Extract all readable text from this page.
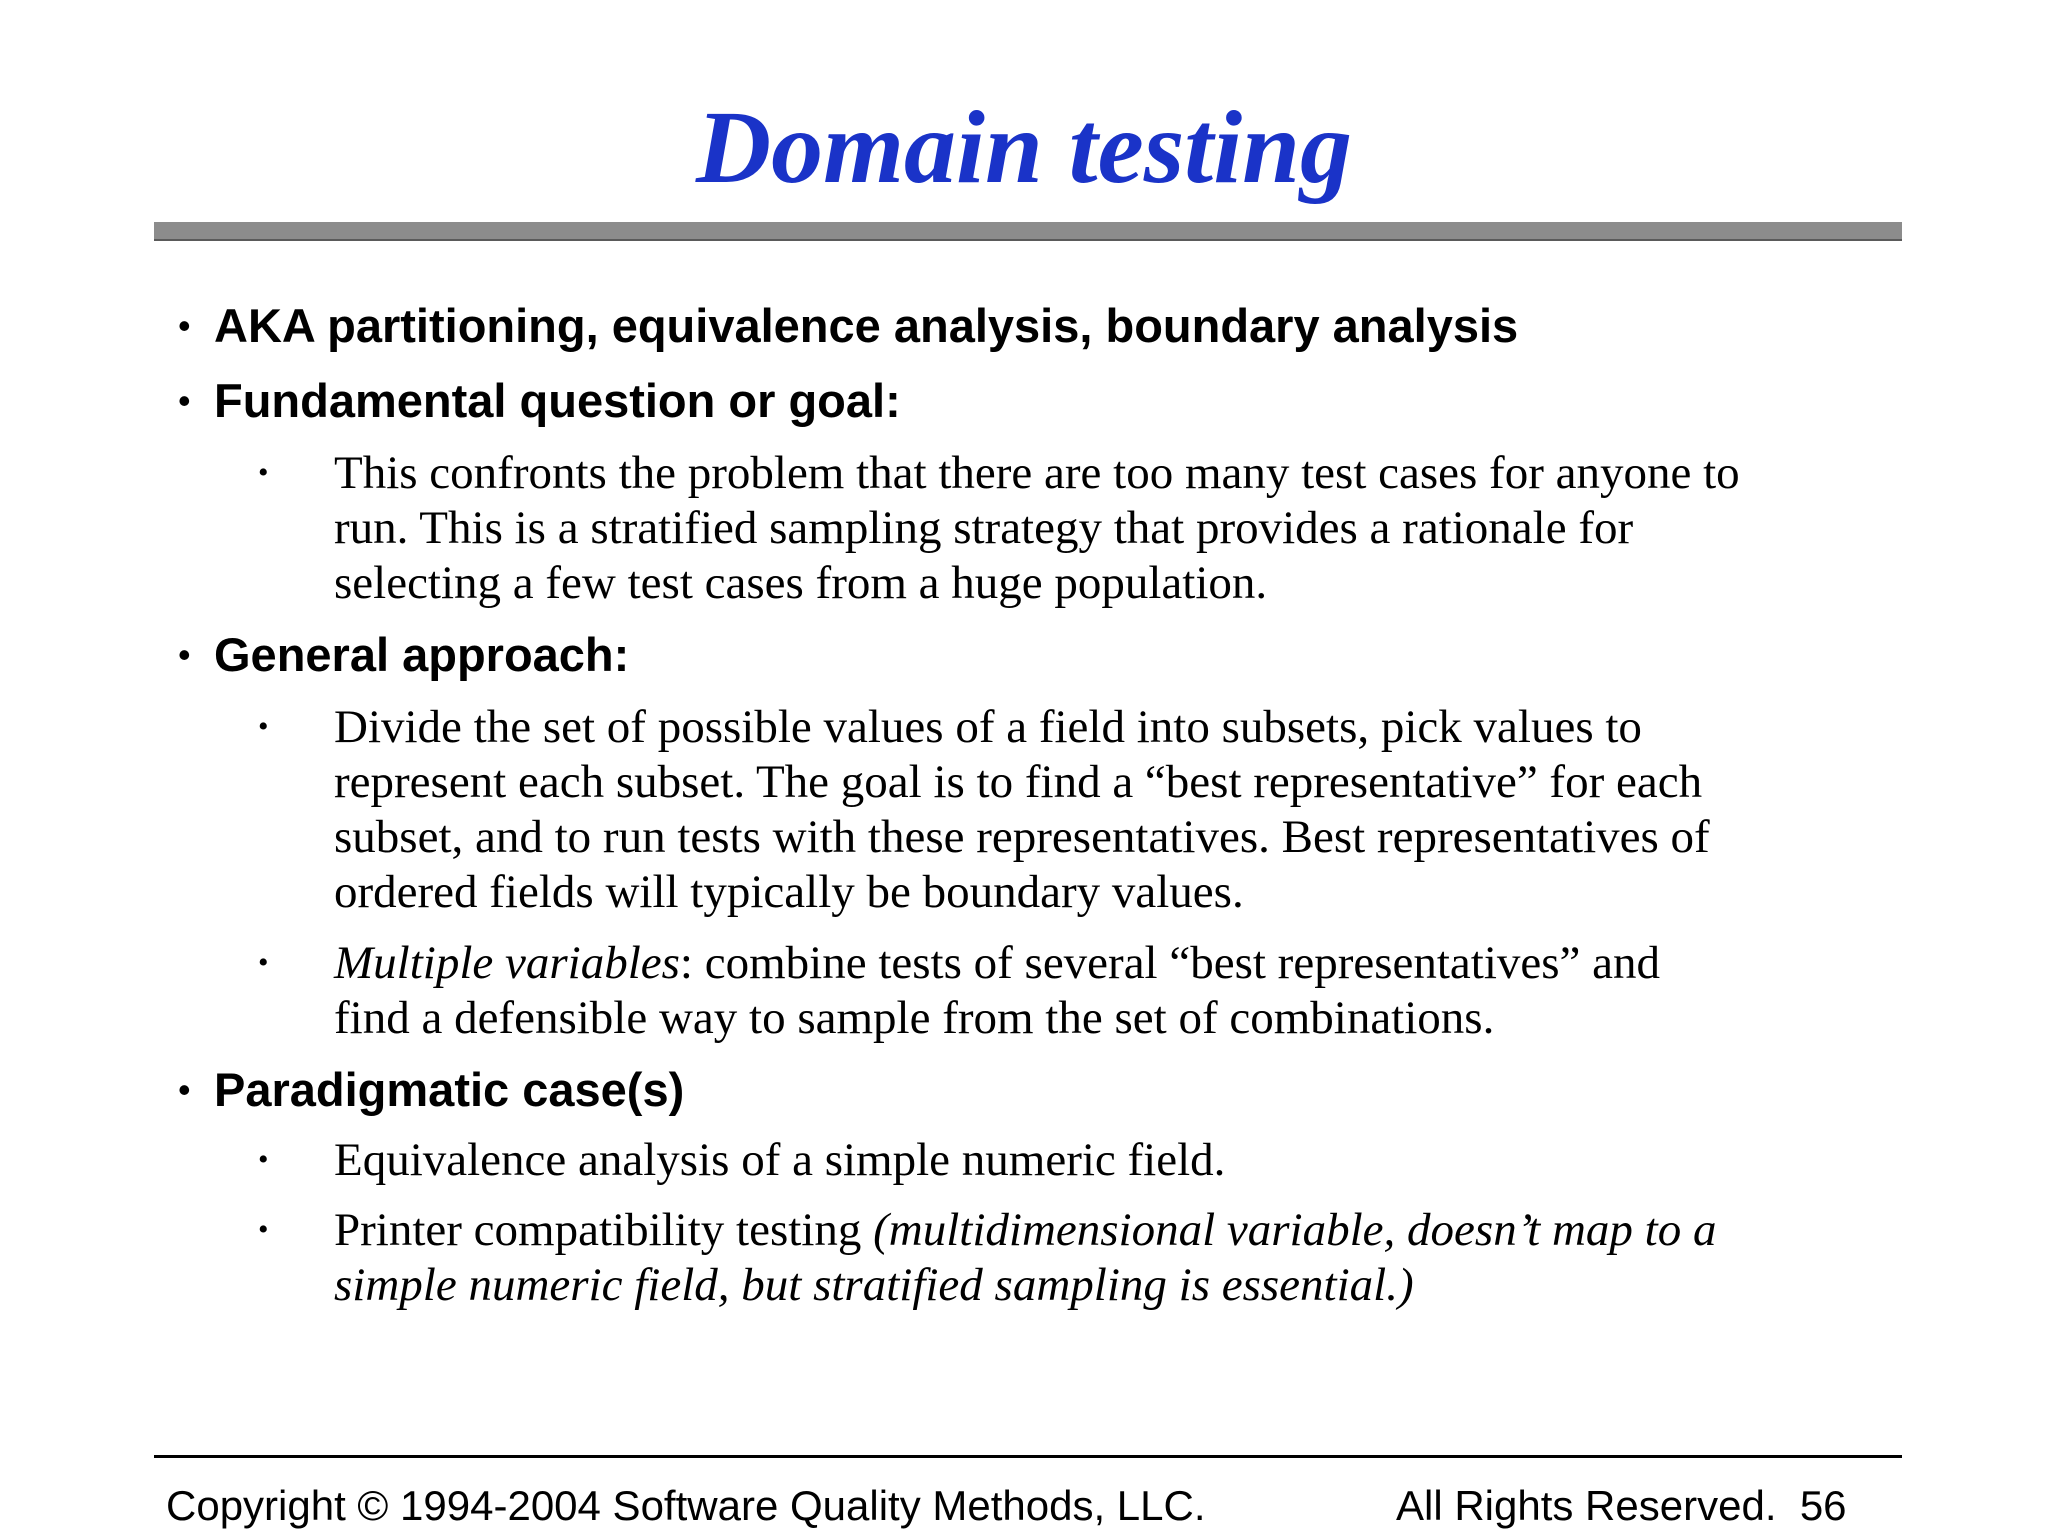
Domain testing
• AKA partitioning, equivalence analysis, boundary analysis
• Fundamental question or goal:
• This confronts the problem that there are too many test cases for anyone to
run. This is a stratified sampling strategy that provides a rationale for
selecting a few test cases from a huge population.
• General approach:
• Divide the set of possible values of a field into subsets, pick values to
represent each subset. The goal is to find a “best representative” for each
subset, and to run tests with these representatives. Best representatives of
ordered fields will typically be boundary values.
• Multiple variables: combine tests of several “best representatives” and
find a defensible way to sample from the set of combinations.
• Paradigmatic case(s)
• Equivalence analysis of a simple numeric field.
• Printer compatibility testing (multidimensional variable, doesn’t map to a
simple numeric field, but stratified sampling is essential.)
Copyright © 1994-2004 Software Quality Methods, LLC.	All Rights Reserved. 56
